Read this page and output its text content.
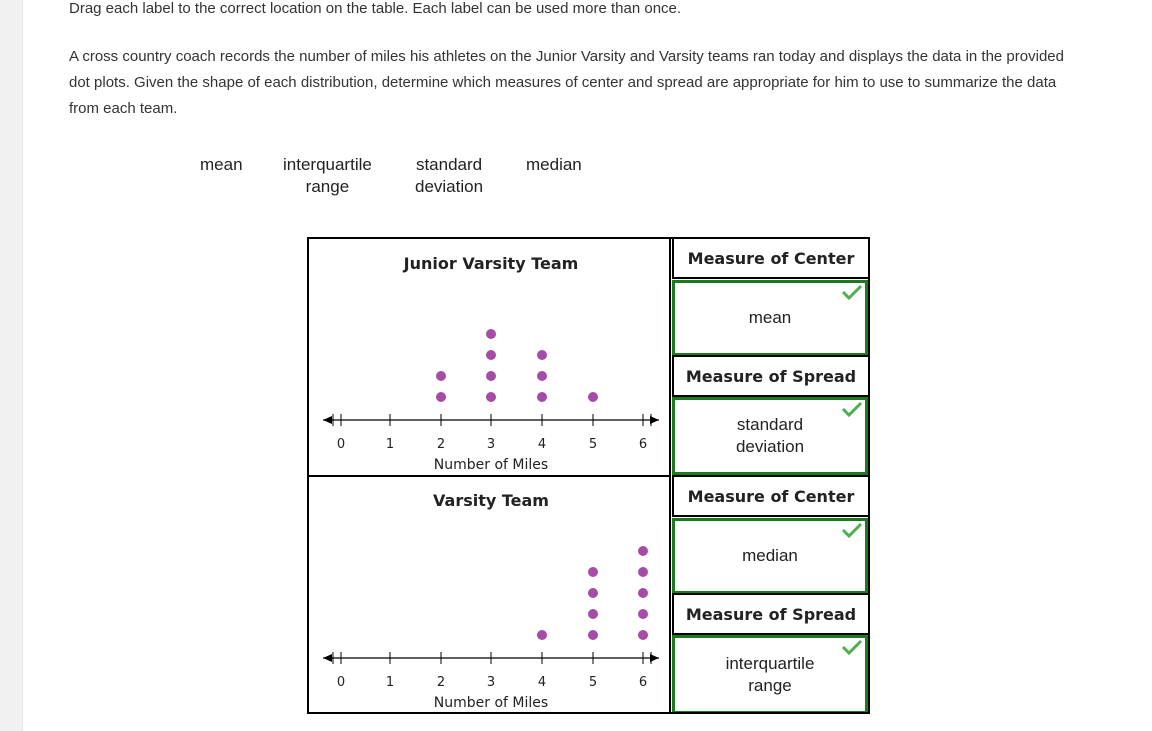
Drag each label to the correct location on the table. Each label can be used more than once.
A cross country coach records the number of miles his athletes on the Junior Varsity and Varsity teams ran today and displays the data in the provided dot plots. Given the shape of each distribution, determine which measures of center and spread are appropriate for him to use to summarize the data from each team.
mean interquartile
range
standard
deviation
median
Junior Varsity Team
0	1	2	3	4	5	6
Number of Miles
Measure of Center
mean
Measure of Spread
standard
deviation
Varsity Team
0	1	2	3	4	5	6
Number of Miles
Measure of Center
median
Measure of Spread
interquartile
range
